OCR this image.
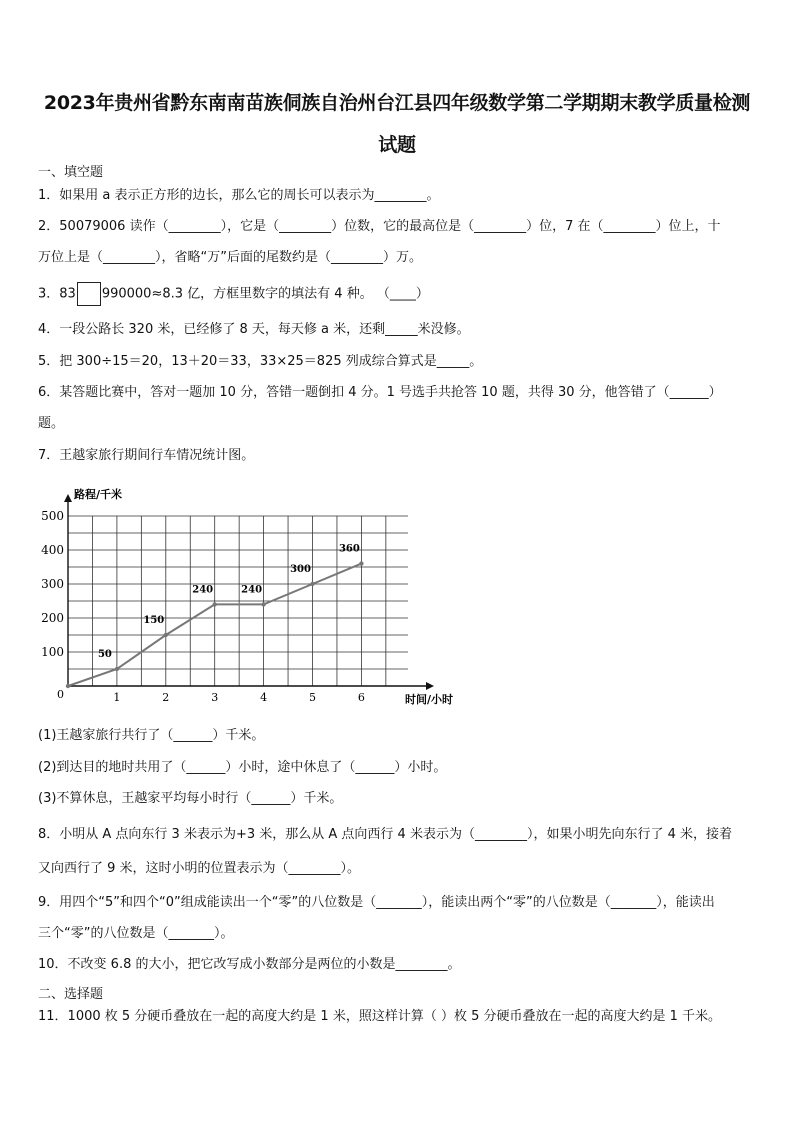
2023年贵州省黔东南南苗族侗族自治州台江县四年级数学第二学期期末教学质量检测
试题
一、填空题
1．如果用 a 表示正方形的边长，那么它的周长可以表示为________。
2．50079006 读作（________），它是（________）位数，它的最高位是（________）位，7 在（________）位上，十
万位上是（________），省略“万”后面的尾数约是（________）万。
3．83 990000≈8.3 亿，方框里数字的填法有 4 种。 （____）
4．一段公路长 320 米，已经修了 8 天，每天修 a 米，还剩_____米没修。
5．把 300÷15＝20，13＋20＝33，33×25＝825 列成综合算式是_____。
6．某答题比赛中，答对一题加 10 分，答错一题倒扣 4 分。1 号选手共抢答 10 题，共得 30 分，他答错了（______）
题。
7．王越家旅行期间行车情况统计图。
100
200
300
400
500
1	2	3	4	5	6
0
50
150
240	240
300
360
路程/千米
时间/小时
(1)王越家旅行共行了（______）千米。
(2)到达目的地时共用了（______）小时，途中休息了（______）小时。
(3)不算休息，王越家平均每小时行（______）千米。
8．小明从 A 点向东行 3 米表示为+3 米，那么从 A 点向西行 4 米表示为（________），如果小明先向东行了 4 米，接着
又向西行了 9 米，这时小明的位置表示为（________）。
9．用四个“5”和四个“0”组成能读出一个“零”的八位数是（_______），能读出两个“零”的八位数是（_______），能读出
三个“零”的八位数是（_______）。
10．不改变 6.8 的大小，把它改写成小数部分是两位的小数是________。
二、选择题
11．1000 枚 5 分硬币叠放在一起的高度大约是 1 米，照这样计算（ ）枚 5 分硬币叠放在一起的高度大约是 1 千米。
